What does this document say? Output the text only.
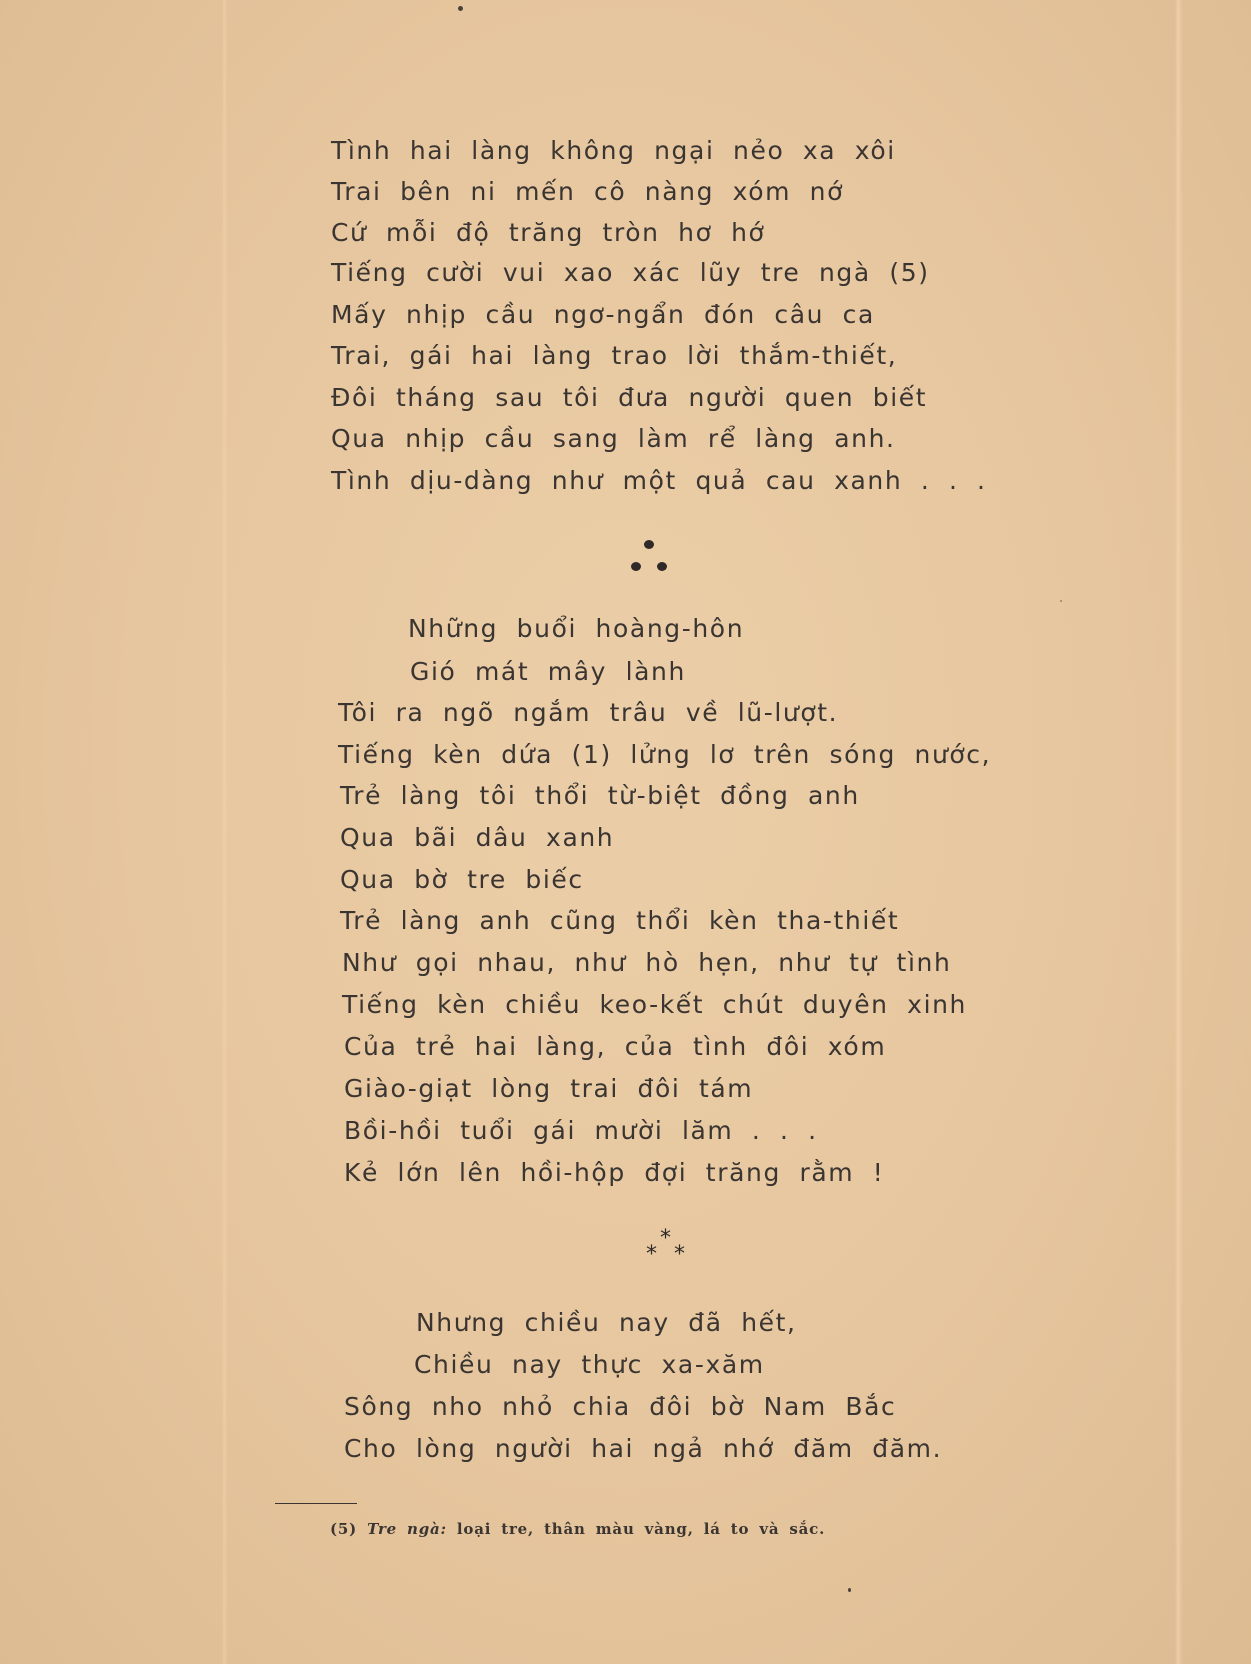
Tình hai làng không ngại nẻo xa xôi
Trai bên ni mến cô nàng xóm nớ
Cứ mỗi độ trăng tròn hơ hớ
Tiếng cười vui xao xác lũy tre ngà (5)
Mấy nhịp cầu ngơ-ngẩn đón câu ca
Trai, gái hai làng trao lời thắm-thiết,
Đôi tháng sau tôi đưa người quen biết
Qua nhịp cầu sang làm rể làng anh.
Tình dịu-dàng như một quả cau xanh . . .
Những buổi hoàng-hôn
Gió mát mây lành
Tôi ra ngõ ngắm trâu về lũ-lượt.
Tiếng kèn dứa (1) lửng lơ trên sóng nước,
Trẻ làng tôi thổi từ-biệt đồng anh
Qua bãi dâu xanh
Qua bờ tre biếc
Trẻ làng anh cũng thổi kèn tha-thiết
Như gọi nhau, như hò hẹn, như tự tình
Tiếng kèn chiều keo-kết chút duyên xinh
Của trẻ hai làng, của tình đôi xóm
Giào-giạt lòng trai đôi tám
Bồi-hồi tuổi gái mười lăm . . .
Kẻ lớn lên hồi-hộp đợi trăng rằm !
*
* *
Nhưng chiều nay đã hết,
Chiều nay thực xa-xăm
Sông nho nhỏ chia đôi bờ Nam Bắc
Cho lòng người hai ngả nhớ đăm đăm.
(5) Tre ngà: loại tre, thân màu vàng, lá to và sắc.
